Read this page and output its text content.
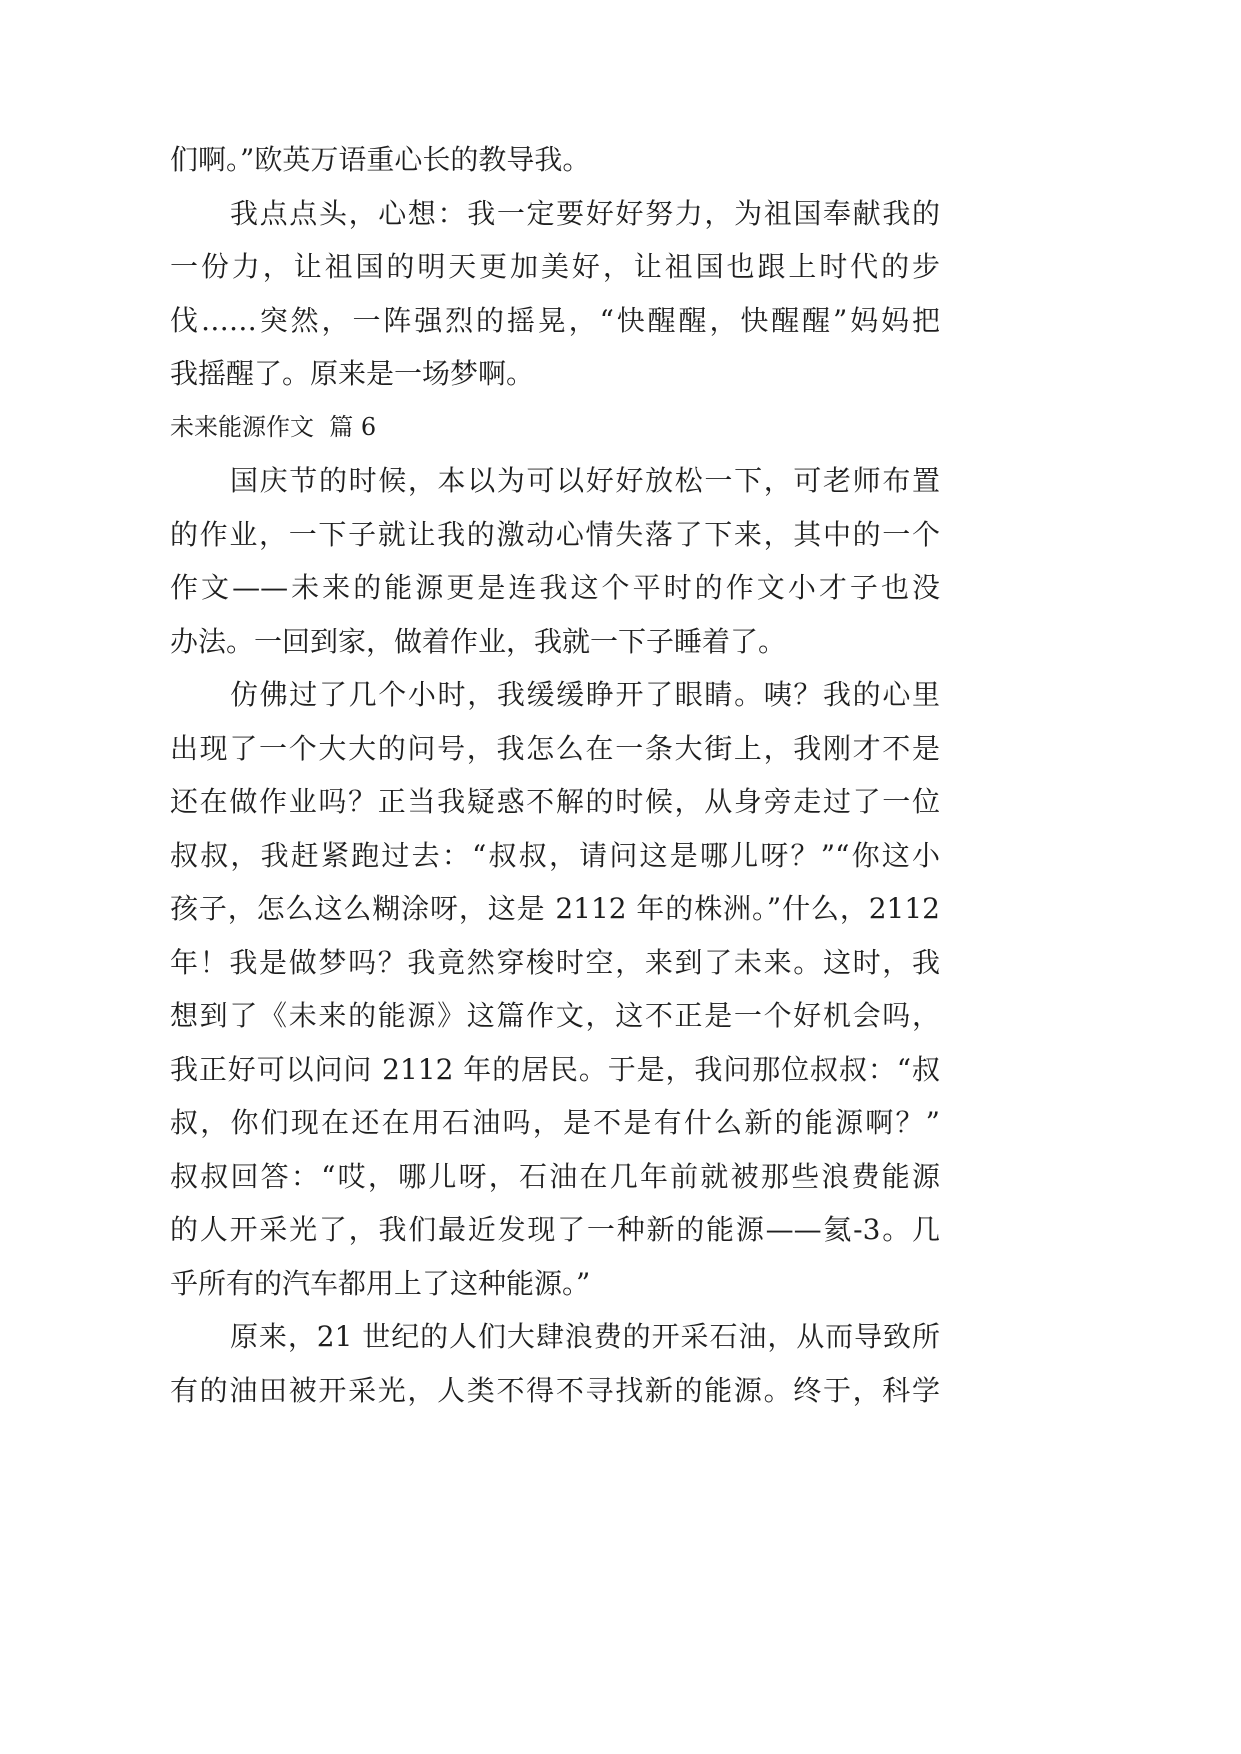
们啊。”欧英万语重心长的教导我。

我点点头，心想：我一定要好好努力，为祖国奉献我的
一份力，让祖国的明天更加美好，让祖国也跟上时代的步
伐……突然，一阵强烈的摇晃，“快醒醒，快醒醒”妈妈把
我摇醒了。原来是一场梦啊。

未来能源作文  篇 6

国庆节的时候，本以为可以好好放松一下，可老师布置
的作业，一下子就让我的激动心情失落了下来，其中的一个
作文——未来的能源更是连我这个平时的作文小才子也没
办法。一回到家，做着作业，我就一下子睡着了。

仿佛过了几个小时，我缓缓睁开了眼睛。咦？我的心里
出现了一个大大的问号，我怎么在一条大街上，我刚才不是
还在做作业吗？正当我疑惑不解的时候，从身旁走过了一位
叔叔，我赶紧跑过去：“叔叔，请问这是哪儿呀？”“你这小
孩子，怎么这么糊涂呀，这是 2112 年的株洲。”什么，2112
年！我是做梦吗？我竟然穿梭时空，来到了未来。这时，我
想到了《未来的能源》这篇作文，这不正是一个好机会吗，
我正好可以问问 2112 年的居民。于是，我问那位叔叔：“叔
叔，你们现在还在用石油吗，是不是有什么新的能源啊？”
叔叔回答：“哎，哪儿呀，石油在几年前就被那些浪费能源
的人开采光了，我们最近发现了一种新的能源——氦-3。几
乎所有的汽车都用上了这种能源。”

原来，21 世纪的人们大肆浪费的开采石油，从而导致所
有的油田被开采光，人类不得不寻找新的能源。终于，科学
